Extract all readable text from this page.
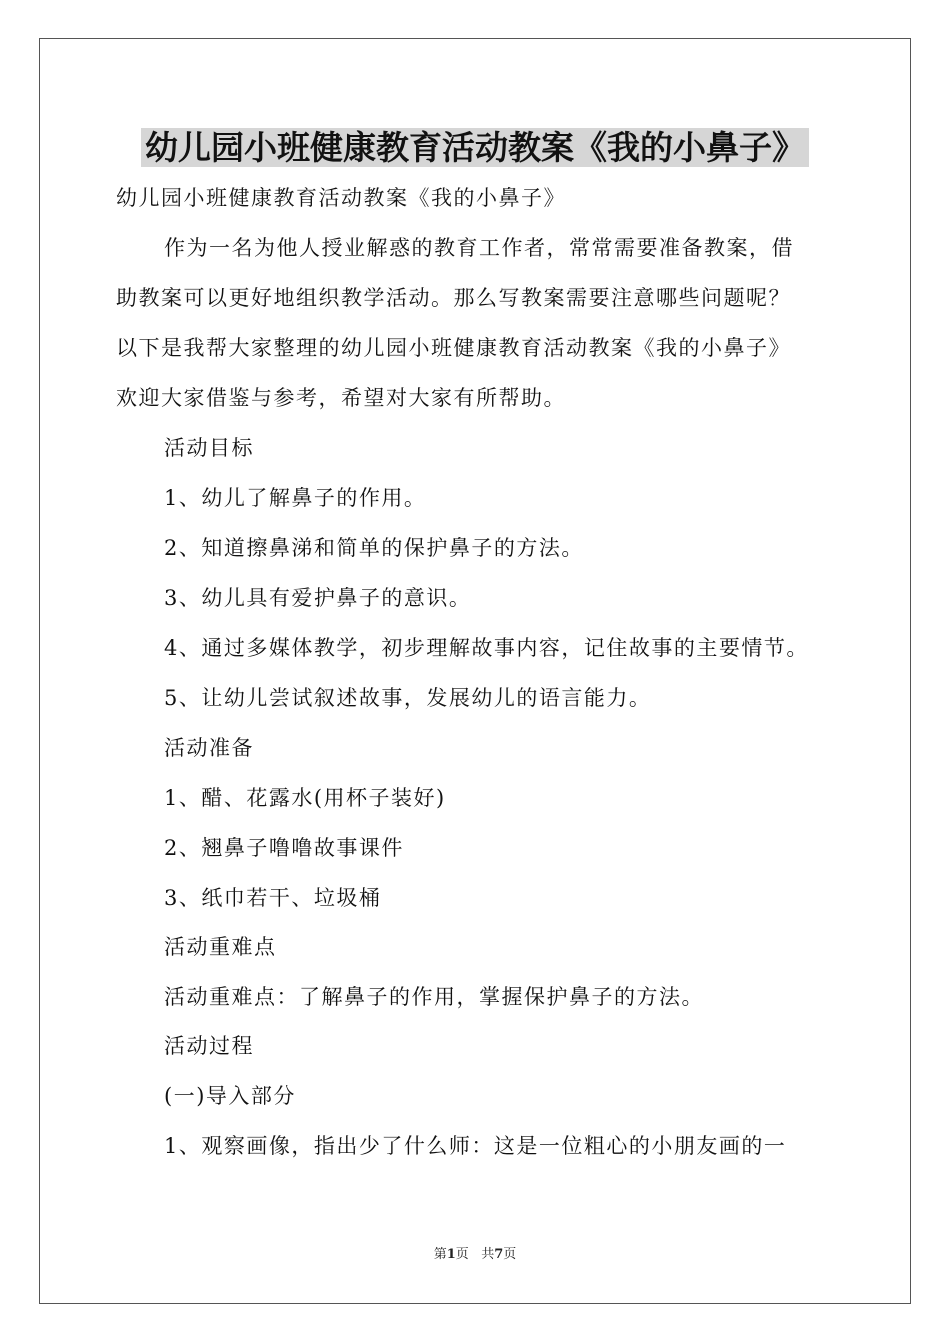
幼儿园小班健康教育活动教案《我的小鼻子》
幼儿园小班健康教育活动教案《我的小鼻子》
作为一名为他人授业解惑的教育工作者，常常需要准备教案，借
助教案可以更好地组织教学活动。那么写教案需要注意哪些问题呢？
以下是我帮大家整理的幼儿园小班健康教育活动教案《我的小鼻子》
欢迎大家借鉴与参考，希望对大家有所帮助。
活动目标
1、幼儿了解鼻子的作用。
2、知道擦鼻涕和简单的保护鼻子的方法。
3、幼儿具有爱护鼻子的意识。
4、通过多媒体教学，初步理解故事内容，记住故事的主要情节。
5、让幼儿尝试叙述故事，发展幼儿的语言能力。
活动准备
1、醋、花露水(用杯子装好)
2、翘鼻子噜噜故事课件
3、纸巾若干、垃圾桶
活动重难点
活动重难点：了解鼻子的作用，掌握保护鼻子的方法。
活动过程
(一)导入部分
1、观察画像，指出少了什么师：这是一位粗心的小朋友画的一
第1页 共7页
